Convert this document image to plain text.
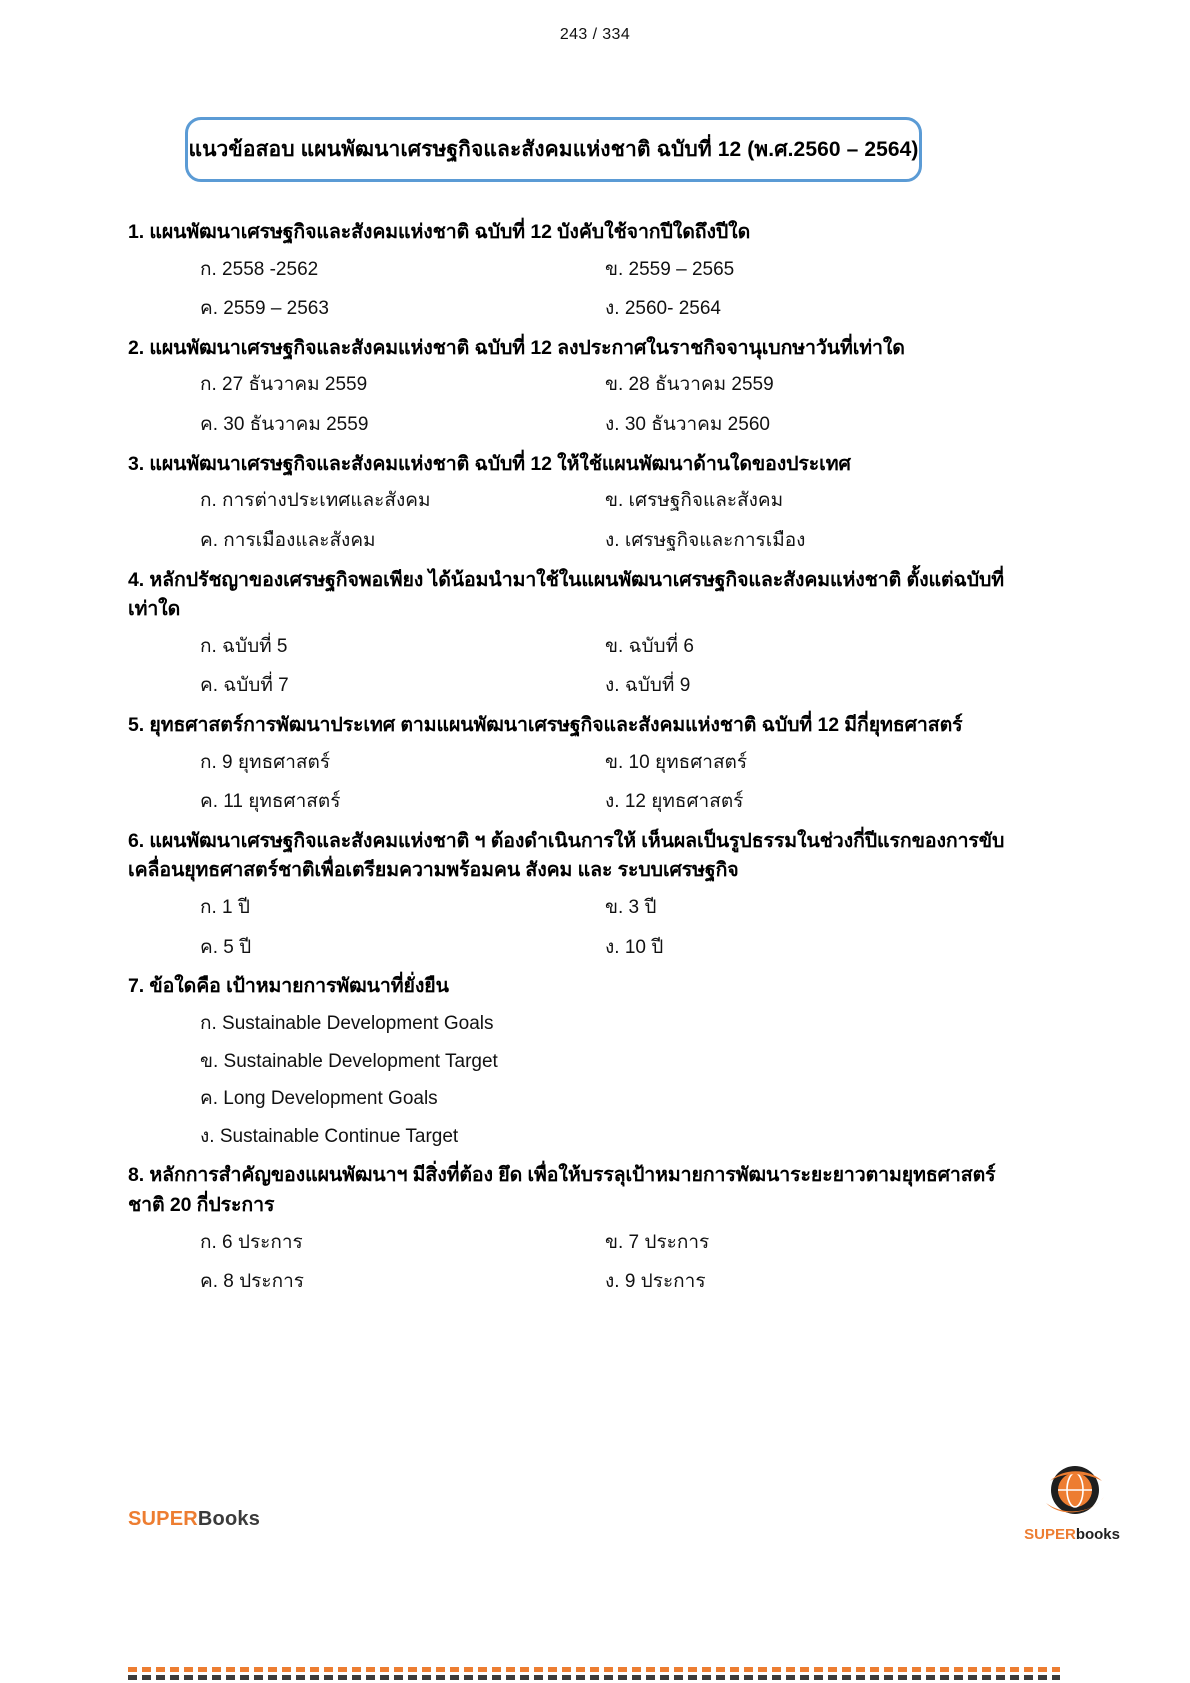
243 / 334
แนวข้อสอบ แผนพัฒนาเศรษฐกิจและสังคมแห่งชาติ ฉบับที่ 12 (พ.ศ.2560 – 2564)

1. แผนพัฒนาเศรษฐกิจและสังคมแห่งชาติ ฉบับที่ 12 บังคับใช้จากปีใดถึงปีใด

ก. 2558 -2562	ข. 2559 – 2565
ค. 2559 – 2563	ง. 2560- 2564

2. แผนพัฒนาเศรษฐกิจและสังคมแห่งชาติ ฉบับที่ 12 ลงประกาศในราชกิจจานุเบกษาวันที่เท่าใด

ก. 27 ธันวาคม 2559	ข. 28 ธันวาคม 2559
ค. 30 ธันวาคม 2559	ง. 30 ธันวาคม 2560

3. แผนพัฒนาเศรษฐกิจและสังคมแห่งชาติ ฉบับที่ 12 ให้ใช้แผนพัฒนาด้านใดของประเทศ

ก. การต่างประเทศและสังคม	ข. เศรษฐกิจและสังคม
ค. การเมืองและสังคม	ง. เศรษฐกิจและการเมือง

4. หลักปรัชญาของเศรษฐกิจพอเพียง ได้น้อมนำมาใช้ในแผนพัฒนาเศรษฐกิจและสังคมแห่งชาติ ตั้งแต่ฉบับที่ เท่าใด

ก. ฉบับที่ 5	ข. ฉบับที่ 6
ค. ฉบับที่ 7	ง. ฉบับที่ 9

5. ยุทธศาสตร์การพัฒนาประเทศ ตามแผนพัฒนาเศรษฐกิจและสังคมแห่งชาติ ฉบับที่ 12 มีกี่ยุทธศาสตร์

ก. 9 ยุทธศาสตร์	ข. 10 ยุทธศาสตร์
ค. 11 ยุทธศาสตร์	ง. 12 ยุทธศาสตร์

6. แผนพัฒนาเศรษฐกิจและสังคมแห่งชาติ ฯ ต้องดำเนินการให้ เห็นผลเป็นรูปธรรมในช่วงกี่ปีแรกของการขับเคลื่อนยุทธศาสตร์ชาติเพื่อเตรียมความพร้อมคน สังคม และ ระบบเศรษฐกิจ

ก. 1 ปี	ข. 3 ปี
ค. 5 ปี	ง. 10 ปี

7. ข้อใดคือ เป้าหมายการพัฒนาที่ยั่งยืน

ก. Sustainable Development Goals
ข. Sustainable Development Target
ค. Long Development Goals
ง. Sustainable Continue Target

8. หลักการสำคัญของแผนพัฒนาฯ มีสิ่งที่ต้อง ยึด เพื่อให้บรรลุเป้าหมายการพัฒนาระยะยาวตามยุทธศาสตร์ชาติ 20 กี่ประการ

ก. 6 ประการ	ข. 7 ประการ
ค. 8 ประการ	ง. 9 ประการ
SUPERBooks
SUPERbooks
